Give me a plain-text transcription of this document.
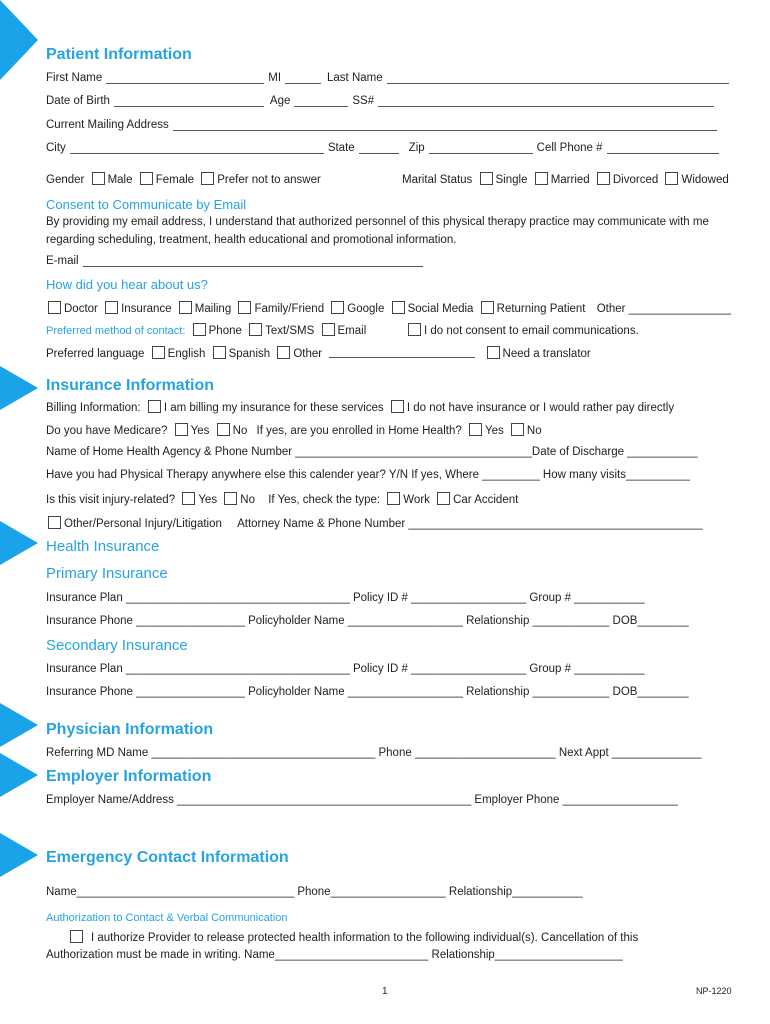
Patient Information
First Name	MI	Last Name
Date of Birth	Age	SS#
Current Mailing Address
City	State	Zip	Cell Phone #
Gender Male Female Prefer not to answer	Marital Status Single Married Divorced Widowed
Consent to Communicate by Email
By providing my email address, I understand that authorized personnel of this physical therapy practice may communicate with me regarding scheduling, treatment, health educational and promotional information.
E-mail
How did you hear about us?
Doctor Insurance Mailing Family/Friend Google Social Media Returning Patient Other ________________
Preferred method of contact: Phone Text/SMS Email	I do not consent to email communications.
Preferred language English Spanish Other	Need a translator
Insurance Information
Billing Information: I am billing my insurance for these services I do not have insurance or I would rather pay directly
Do you have Medicare? Yes No If yes, are you enrolled in Home Health? Yes No
Name of Home Health Agency & Phone Number _____________________________________Date of Discharge ___________
Have you had Physical Therapy anywhere else this calender year? Y/N If yes, Where _________ How many visits__________
Is this visit injury-related? Yes No If Yes, check the type: Work Car Accident
Other/Personal Injury/Litigation Attorney Name & Phone Number ______________________________________________
Health Insurance
Primary Insurance
Insurance Plan ___________________________________ Policy ID # __________________ Group # ___________
Insurance Phone _________________ Policyholder Name __________________ Relationship ____________ DOB________
Secondary Insurance
Insurance Plan ___________________________________ Policy ID # __________________ Group # ___________
Insurance Phone _________________ Policyholder Name __________________ Relationship ____________ DOB________
Physician Information
Referring MD Name ___________________________________ Phone ______________________ Next Appt ______________
Employer Information
Employer Name/Address ______________________________________________ Employer Phone __________________
Emergency Contact Information
Name__________________________________ Phone__________________ Relationship___________
Authorization to Contact & Verbal Communication
I authorize Provider to release protected health information to the following individual(s). Cancellation of this
Authorization must be made in writing. Name________________________ Relationship____________________
1	NP-1220
